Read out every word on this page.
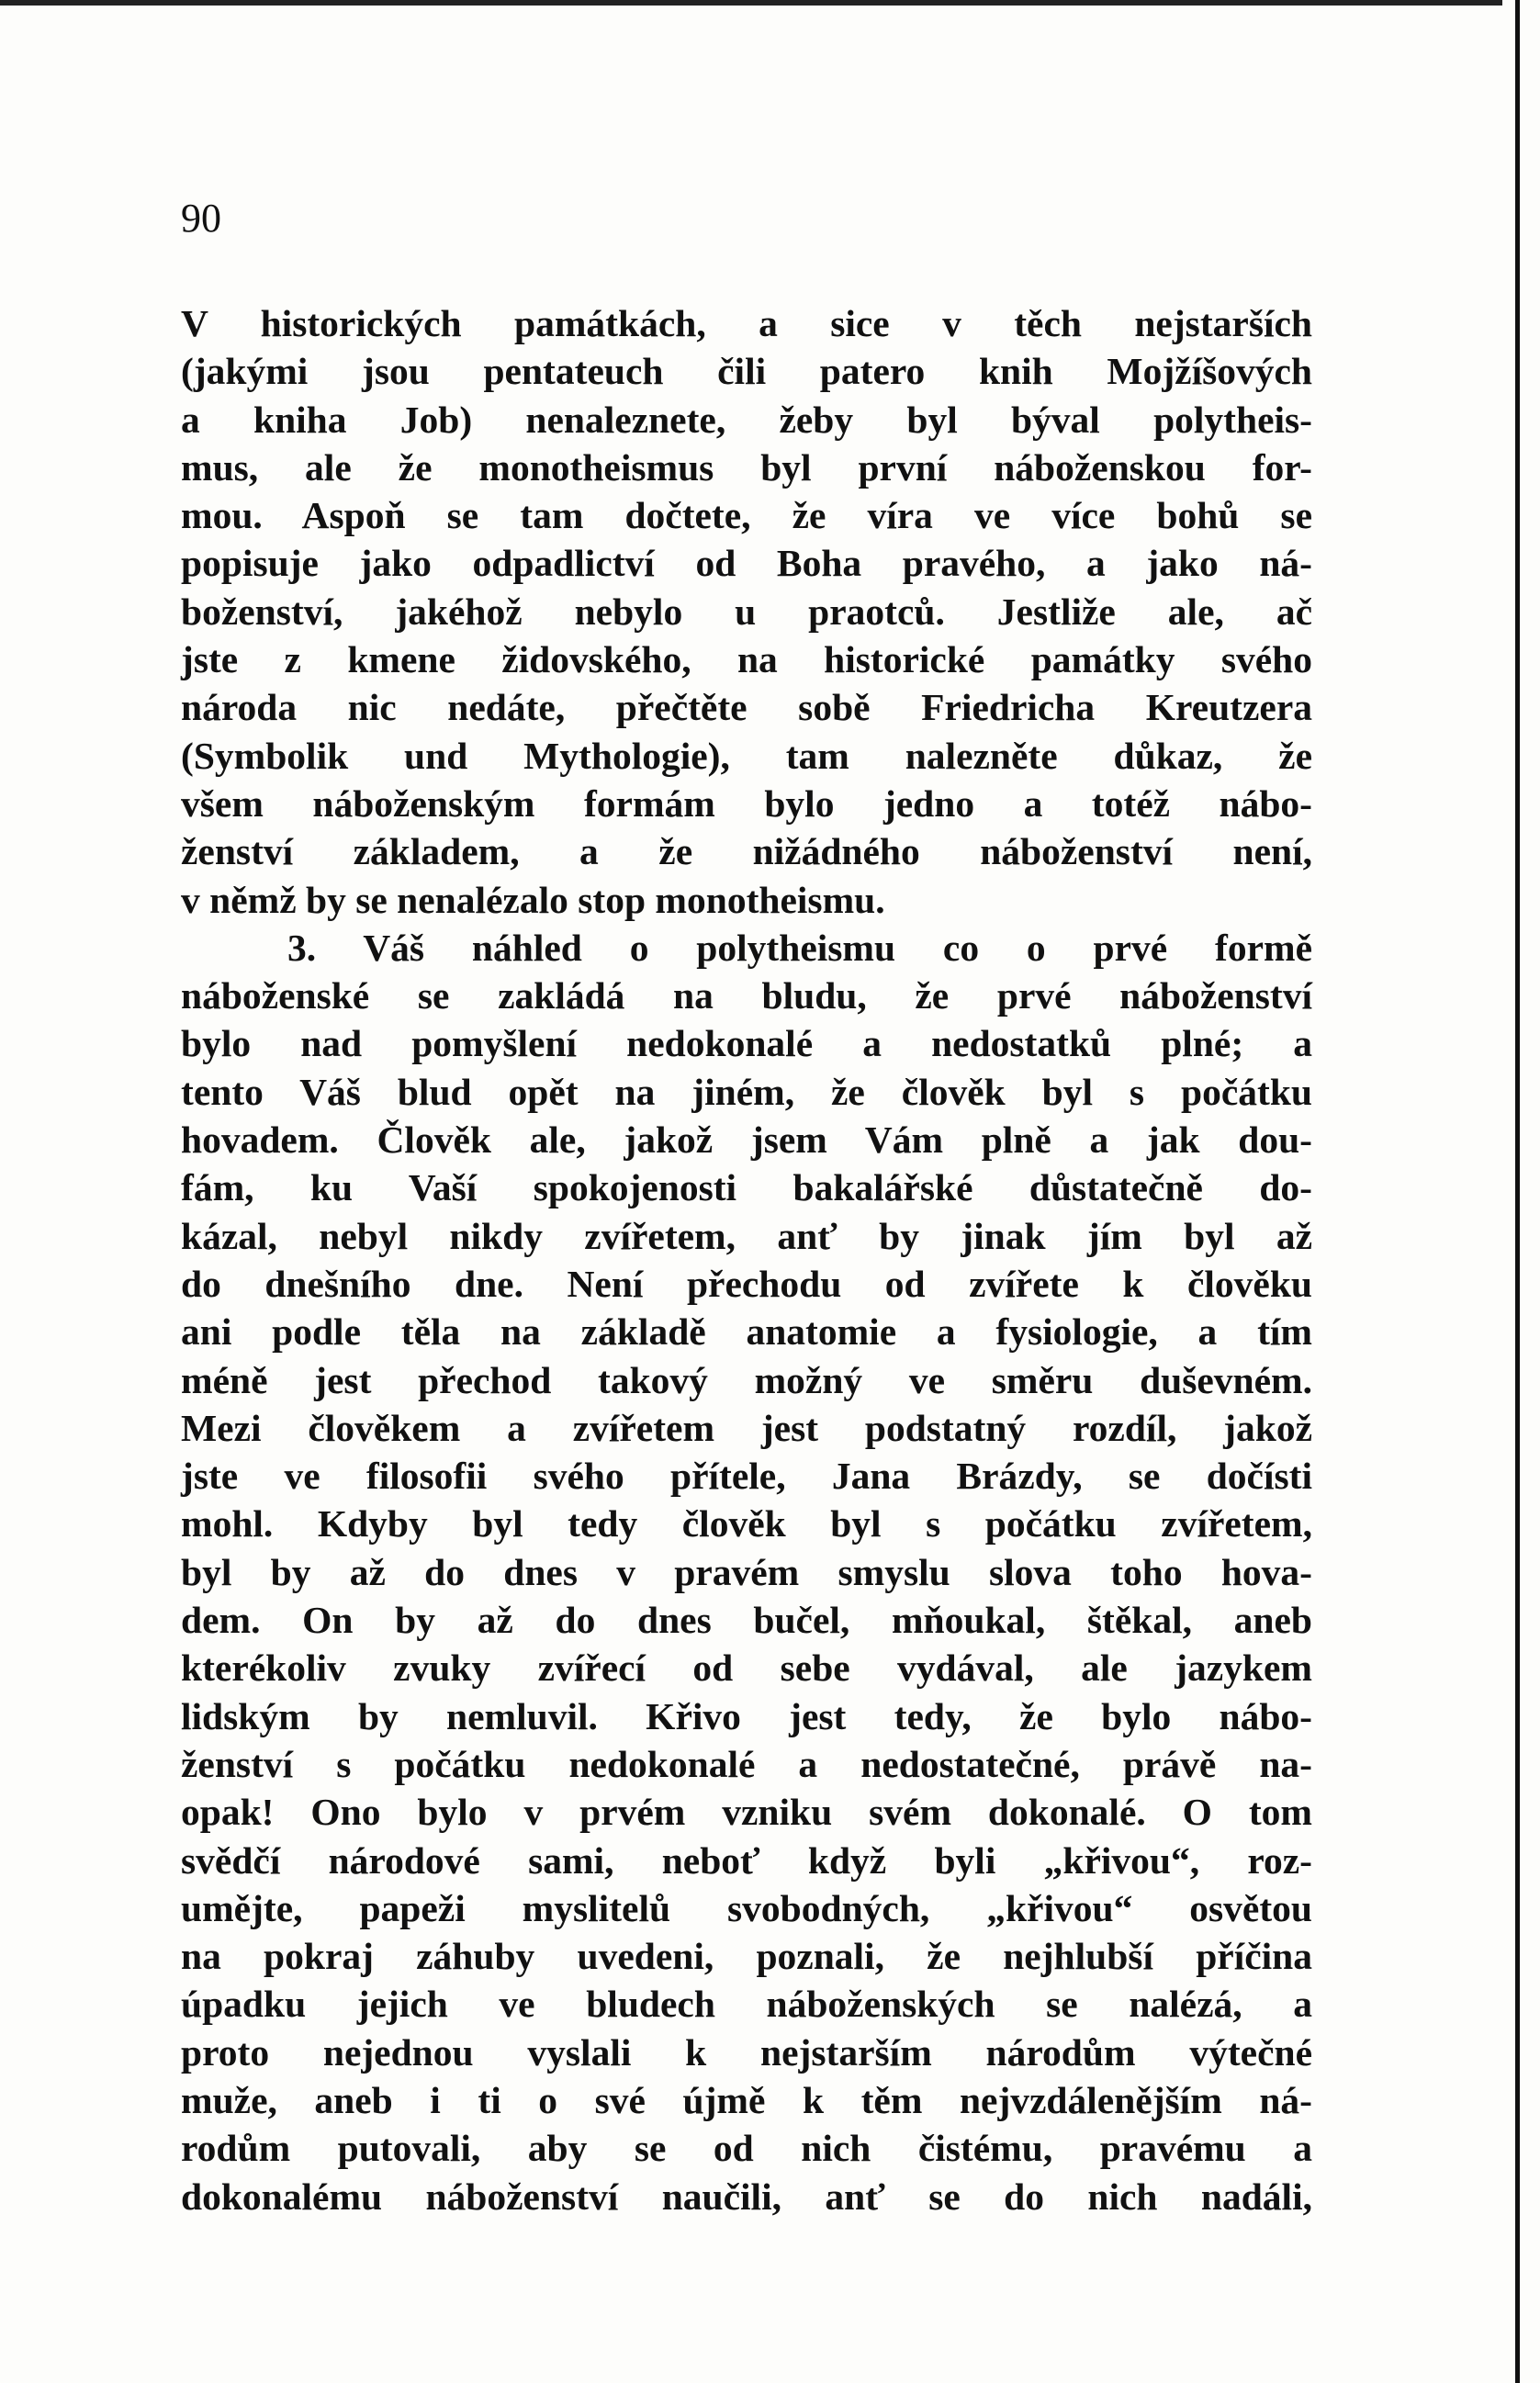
90
V historických památkách, a sice v těch nejstarších
(jakými jsou pentateuch čili patero knih Mojžíšových
a kniha Job) nenaleznete, žeby byl býval polytheis-
mus, ale že monotheismus byl první náboženskou for-
mou. Aspoň se tam dočtete, že víra ve více bohů se
popisuje jako odpadlictví od Boha pravého, a jako ná-
boženství, jakéhož nebylo u praotců. Jestliže ale, ač
jste z kmene židovského, na historické památky svého
národa nic nedáte, přečtěte sobě Friedricha Kreutzera
(Symbolik und Mythologie), tam nalezněte důkaz, že
všem náboženským formám bylo jedno a totéž nábo-
ženství základem, a že nižádného náboženství není,
v němž by se nenalézalo stop monotheismu.
3. Váš náhled o polytheismu co o prvé formě
náboženské se zakládá na bludu, že prvé náboženství
bylo nad pomyšlení nedokonalé a nedostatků plné; a
tento Váš blud opět na jiném, že člověk byl s počátku
hovadem. Člověk ale, jakož jsem Vám plně a jak dou-
fám, ku Vaší spokojenosti bakalářské důstatečně do-
kázal, nebyl nikdy zvířetem, anť by jinak jím byl až
do dnešního dne. Není přechodu od zvířete k člověku
ani podle těla na základě anatomie a fysiologie, a tím
méně jest přechod takový možný ve směru duševném.
Mezi člověkem a zvířetem jest podstatný rozdíl, jakož
jste ve filosofii svého přítele, Jana Brázdy, se dočísti
mohl. Kdyby byl tedy člověk byl s počátku zvířetem,
byl by až do dnes v pravém smyslu slova toho hova-
dem. On by až do dnes bučel, mňoukal, štěkal, aneb
kterékoliv zvuky zvířecí od sebe vydával, ale jazykem
lidským by nemluvil. Křivo jest tedy, že bylo nábo-
ženství s počátku nedokonalé a nedostatečné, právě na-
opak! Ono bylo v prvém vzniku svém dokonalé. O tom
svědčí národové sami, neboť když byli „křivou“, roz-
umějte, papeži myslitelů svobodných, „křivou“ osvětou
na pokraj záhuby uvedeni, poznali, že nejhlubší příčina
úpadku jejich ve bludech náboženských se nalézá, a
proto nejednou vyslali k nejstarším národům výtečné
muže, aneb i ti o své újmě k těm nejvzdálenějším ná-
rodům putovali, aby se od nich čistému, pravému a
dokonalému náboženství naučili, anť se do nich nadáli,
